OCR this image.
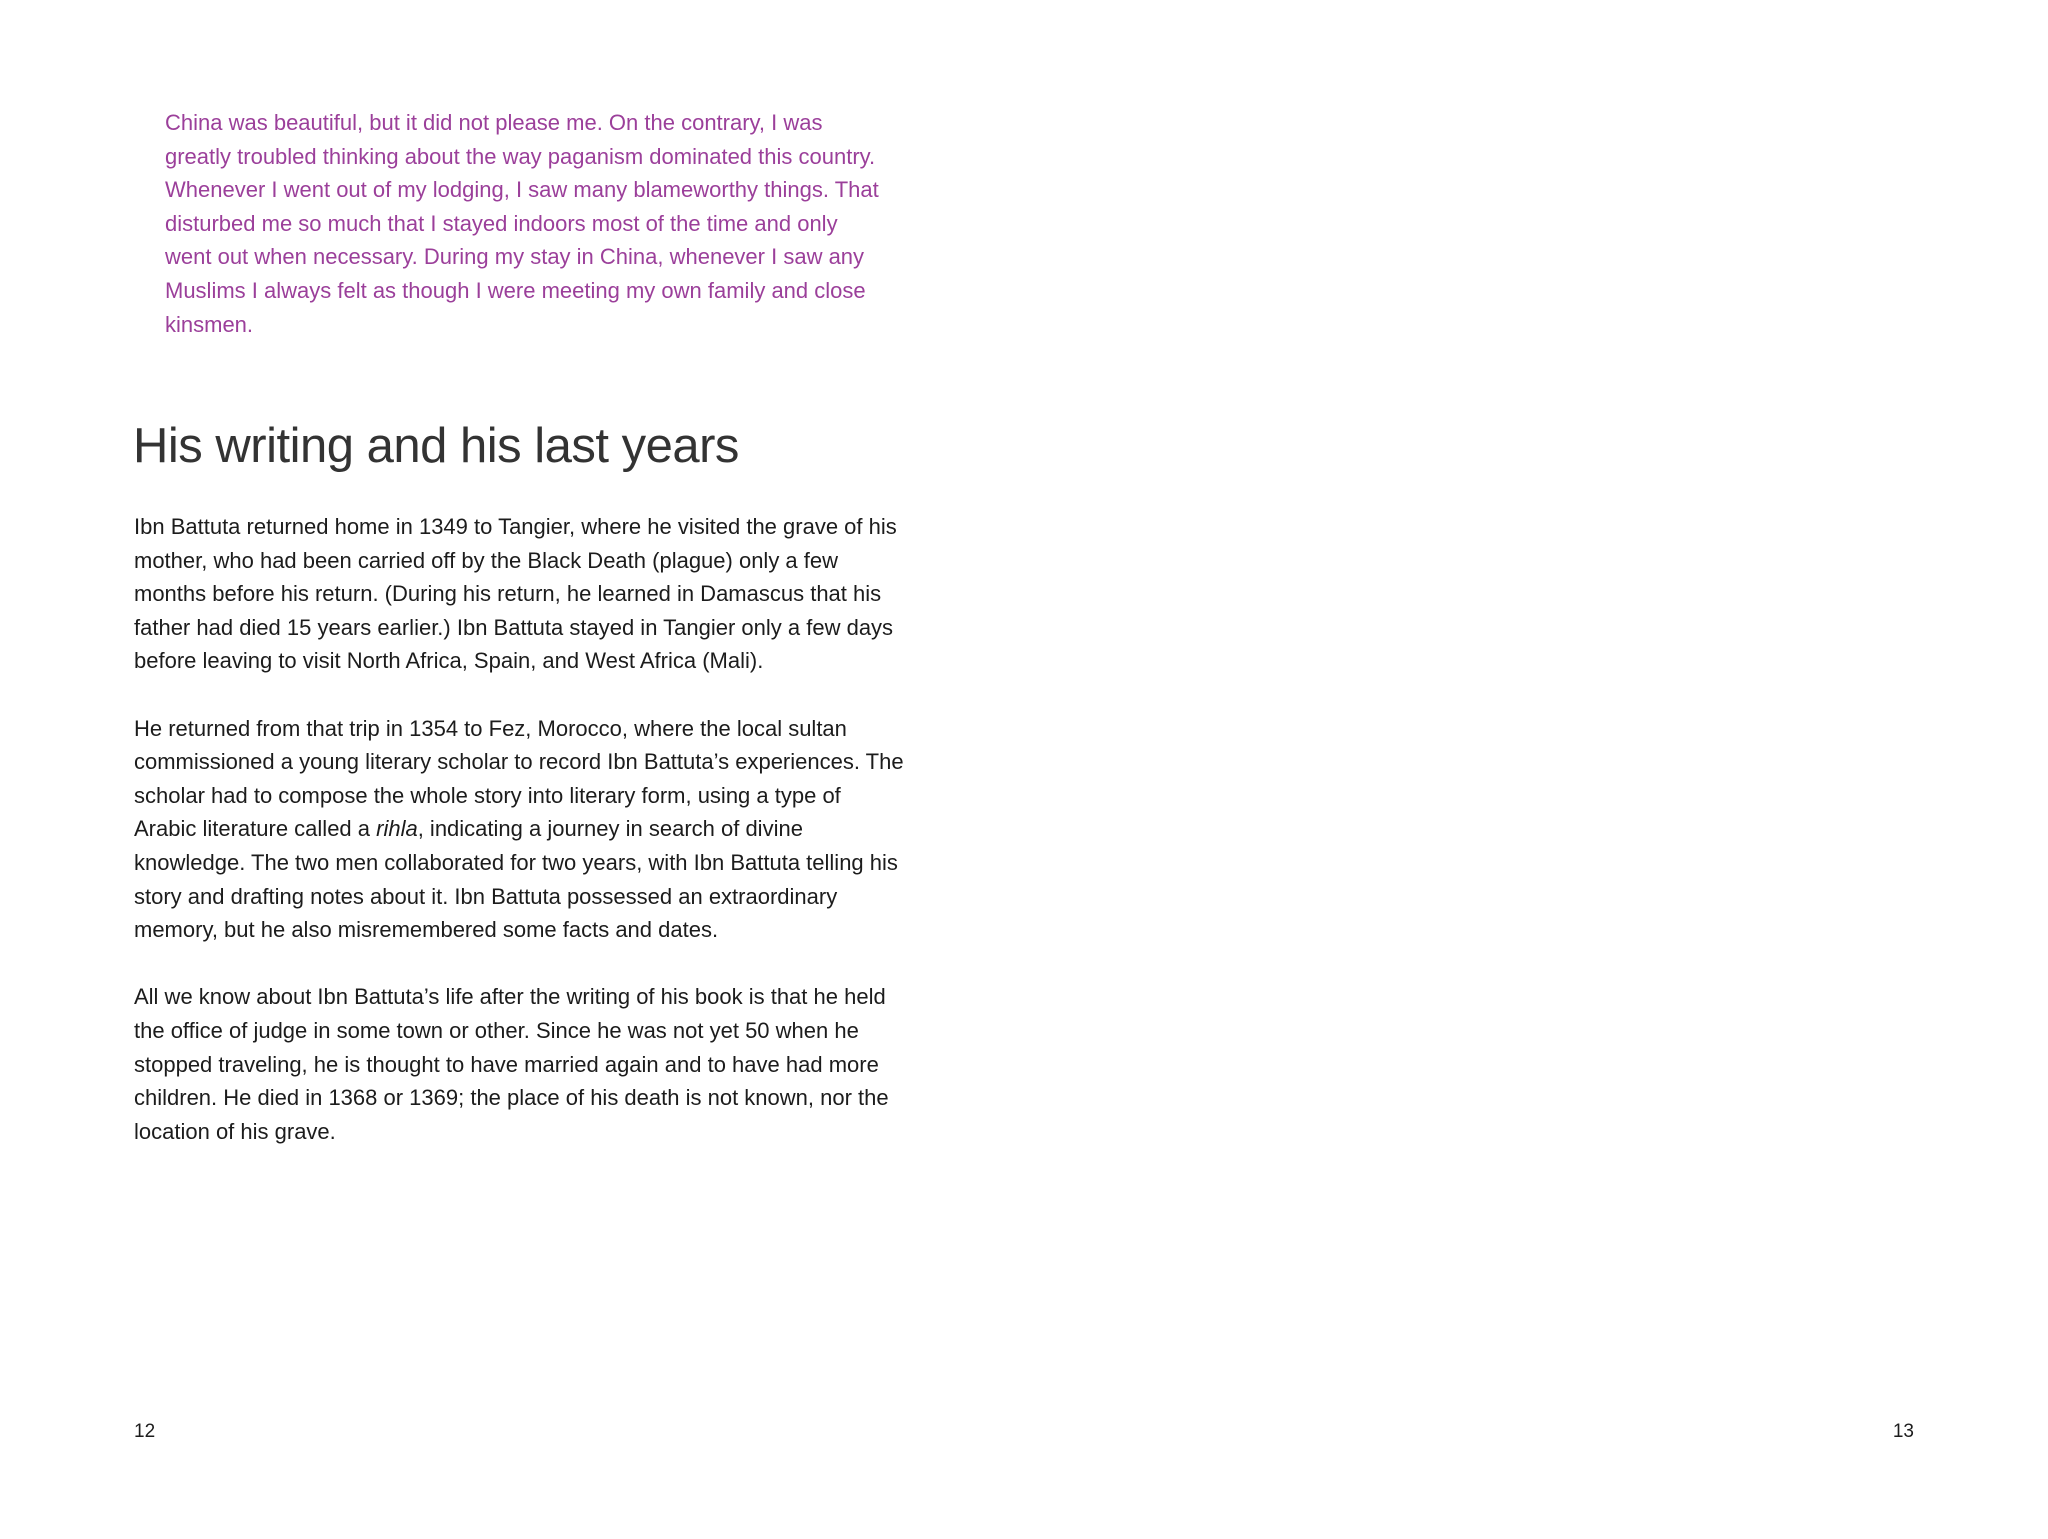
China was beautiful, but it did not please me. On the contrary, I was greatly troubled thinking about the way paganism dominated this country. Whenever I went out of my lodging, I saw many blameworthy things. That disturbed me so much that I stayed indoors most of the time and only went out when necessary. During my stay in China, whenever I saw any Muslims I always felt as though I were meeting my own family and close kinsmen.

His writing and his last years

Ibn Battuta returned home in 1349 to Tangier, where he visited the grave of his mother, who had been carried off by the Black Death (plague) only a few months before his return. (During his return, he learned in Damascus that his father had died 15 years earlier.) Ibn Battuta stayed in Tangier only a few days before leaving to visit North Africa, Spain, and West Africa (Mali).

He returned from that trip in 1354 to Fez, Morocco, where the local sultan commissioned a young literary scholar to record Ibn Battuta’s experiences. The scholar had to compose the whole story into literary form, using a type of Arabic literature called a rihla, indicating a journey in search of divine knowledge. The two men collaborated for two years, with Ibn Battuta telling his story and drafting notes about it. Ibn Battuta possessed an extraordinary memory, but he also misremembered some facts and dates.

All we know about Ibn Battuta’s life after the writing of his book is that he held the office of judge in some town or other. Since he was not yet 50 when he stopped traveling, he is thought to have married again and to have had more children. He died in 1368 or 1369; the place of his death is not known, nor the location of his grave.

12	13
